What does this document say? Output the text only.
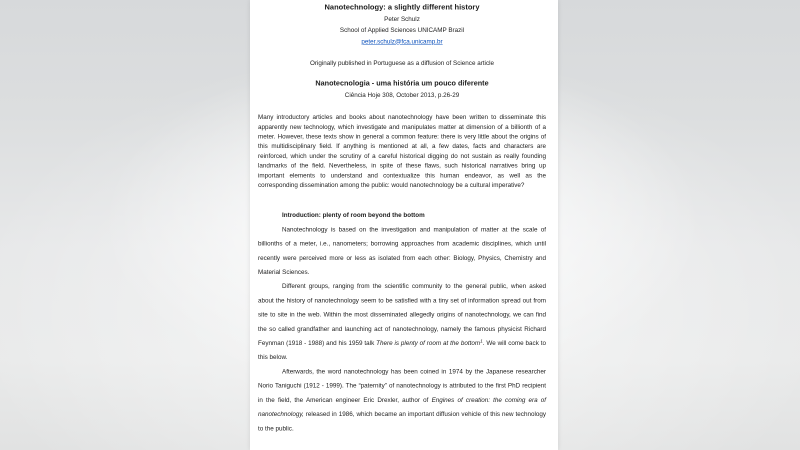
Nanotechnology: a slightly different history

Peter Schulz

School of Applied Sciences UNICAMP Brazil

peter.schulz@fca.unicamp.br

Originally published in Portuguese as a diffusion of Science article

Nanotecnologia - uma história um pouco diferente

Ciência Hoje 308, October 2013, p.26-29

Many introductory articles and books about nanotechnology have been written to disseminate this apparently new technology, which investigate and manipulates matter at dimension of a billionth of a meter. However, these texts show in general a common feature: there is very little about the origins of this multidisciplinary field. If anything is mentioned at all, a few dates, facts and characters are reinforced, which under the scrutiny of a careful historical digging do not sustain as really founding landmarks of the field. Nevertheless, in spite of these flaws, such historical narratives bring up important elements to understand and contextualize this human endeavor, as well as the corresponding dissemination among the public: would nanotechnology be a cultural imperative?

Introduction: plenty of room beyond the bottom

Nanotechnology is based on the investigation and manipulation of matter at the scale of billionths of a meter, i.e., nanometers; borrowing approaches from academic disciplines, which until recently were perceived more or less as isolated from each other: Biology, Physics, Chemistry and Material Sciences.

Different groups, ranging from the scientific community to the general public, when asked about the history of nanotechnology seem to be satisfied with a tiny set of information spread out from site to site in the web. Within the most disseminated allegedly origins of nanotechnology, we can find the so called grandfather and launching act of nanotechnology, namely the famous physicist Richard Feynman (1918 - 1988) and his 1959 talk There is plenty of room at the bottom$^1$. We will come back to this below.

Afterwards, the word nanotechnology has been coined in 1974 by the Japanese researcher Norio Taniguchi (1912 - 1999). The “paternity” of nanotechnology is attributed to the first PhD recipient in the field, the American engineer Eric Drexler, author of Engines of creation: the coming era of nanotechnology, released in 1986, which became an important diffusion vehicle of this new technology to the public.
